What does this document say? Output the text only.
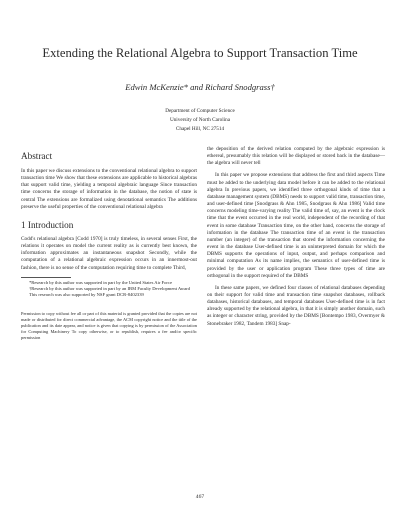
Extending the Relational Algebra to Support Transaction Time
Edwin McKenzie* and Richard Snodgrass†
Department of Computer Science
University of North Carolina
Chapel Hill, NC 27514

Abstract

In this paper we discuss extensions to the conventional relational algebra to support transaction time We show that these extensions are applicable to historical algebras that support valid time, yielding a temporal algebraic language Since transaction time concerns the storage of information in the database, the notion of state is central The extensions are formalized using denotational semantics The additions preserve the useful properties of the conventional relational algebra

1 Introduction

Codd's relational algebra [Codd 1970] is truly timeless, in several senses First, the relations it operates on model the current reality as is currently best known, the information approximates an instantaneous snapshot Secondly, while the computation of a relational algebraic expression occurs in an innermost-out fashion, there is no sense of the computation requiring time to complete Third,

*Research by this author was supported in part by the United States Air Force

†Research by this author was supported in part by an IBM Faculty Development Award

This research was also supported by NSF grant DCR-8402339

Permission to copy without fee all or part of this material is granted provided that the copies are not made or distributed for direct commercial advantage, the ACM copyright notice and the title of the publication and its date appear, and notice is given that copying is by permission of the Association for Computing Machinery To copy otherwise, or to republish, requires a fee and/or specific permission

the deposition of the derived relation computed by the algebraic expression is ethereal, presumably this relation will be displayed or stored back in the database—the algebra will never tell

In this paper we propose extensions that address the first and third aspects Time must be added to the underlying data model before it can be added to the relational algebra In previous papers, we identified three orthogonal kinds of time that a database management system (DBMS) needs to support valid time, transaction time, and user-defined time [Snodgrass & Ahn 1985, Snodgrass & Ahn 1986] Valid time concerns modeling time-varying reality The valid time of, say, an event is the clock time that the event occurred in the real world, independent of the recording of that event in some database Transaction time, on the other hand, concerns the storage of information in the database The transaction time of an event is the transaction number (an integer) of the transaction that stored the information concerning the event in the database User-defined time is an uninterpreted domain for which the DBMS supports the operations of input, output, and perhaps comparison and minimal computation As its name implies, the semantics of user-defined time is provided by the user or application program These three types of time are orthogonal in the support required of the DBMS

In these same papers, we defined four classes of relational databases depending on their support for valid time and transaction time snapshot databases, rollback databases, historical databases, and temporal databases User-defined time is in fact already supported by the relational algebra, in that it is simply another domain, such as integer or character string, provided by the DBMS [Bontempo 1983, Overmyer & Stonebraker 1982, Tandem 1983] Snap-

467
